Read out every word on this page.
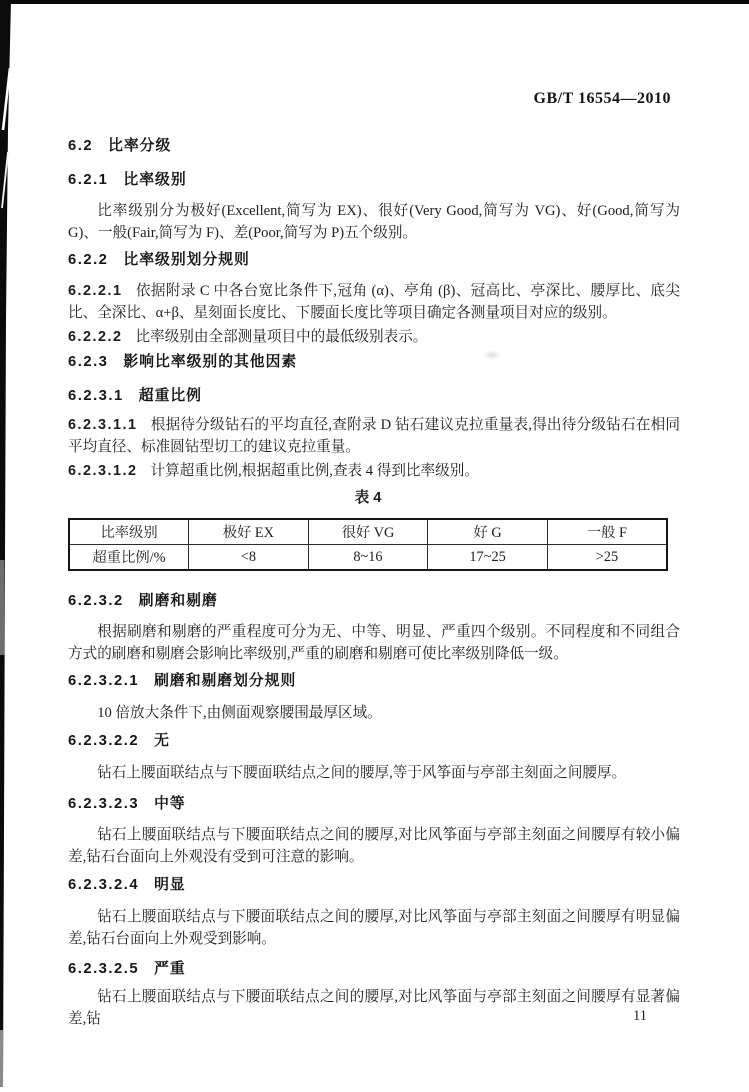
GB/T 16554—2010
11
6.2 比率分级
6.2.1 比率级别

比率级别分为极好(Excellent,简写为 EX)、很好(Very Good,简写为 VG)、好(Good,简写为 G)、一般(Fair,简写为 F)、差(Poor,简写为 P)五个级别。

6.2.2 比率级别划分规则

6.2.2.1 依据附录 C 中各台宽比条件下,冠角 (α)、亭角 (β)、冠高比、亭深比、腰厚比、底尖比、全深比、α+β、星刻面长度比、下腰面长度比等项目确定各测量项目对应的级别。

6.2.2.2 比率级别由全部测量项目中的最低级别表示。

6.2.3 影响比率级别的其他因素
6.2.3.1 超重比例

6.2.3.1.1 根据待分级钻石的平均直径,查附录 D 钻石建议克拉重量表,得出待分级钻石在相同平均直径、标准圆钻型切工的建议克拉重量。

6.2.3.1.2 计算超重比例,根据超重比例,查表 4 得到比率级别。

表 4
比率级别	极好 EX	很好 VG	好 G	一般 F
超重比例/%	<8	8~16	17~25	>25
6.2.3.2 刷磨和剔磨

根据刷磨和剔磨的严重程度可分为无、中等、明显、严重四个级别。不同程度和不同组合方式的刷磨和剔磨会影响比率级别,严重的刷磨和剔磨可使比率级别降低一级。

6.2.3.2.1 刷磨和剔磨划分规则

10 倍放大条件下,由侧面观察腰围最厚区域。

6.2.3.2.2 无

钻石上腰面联结点与下腰面联结点之间的腰厚,等于风筝面与亭部主刻面之间腰厚。

6.2.3.2.3 中等

钻石上腰面联结点与下腰面联结点之间的腰厚,对比风筝面与亭部主刻面之间腰厚有较小偏差,钻石台面向上外观没有受到可注意的影响。

6.2.3.2.4 明显

钻石上腰面联结点与下腰面联结点之间的腰厚,对比风筝面与亭部主刻面之间腰厚有明显偏差,钻石台面向上外观受到影响。

6.2.3.2.5 严重

钻石上腰面联结点与下腰面联结点之间的腰厚,对比风筝面与亭部主刻面之间腰厚有显著偏差,钻
